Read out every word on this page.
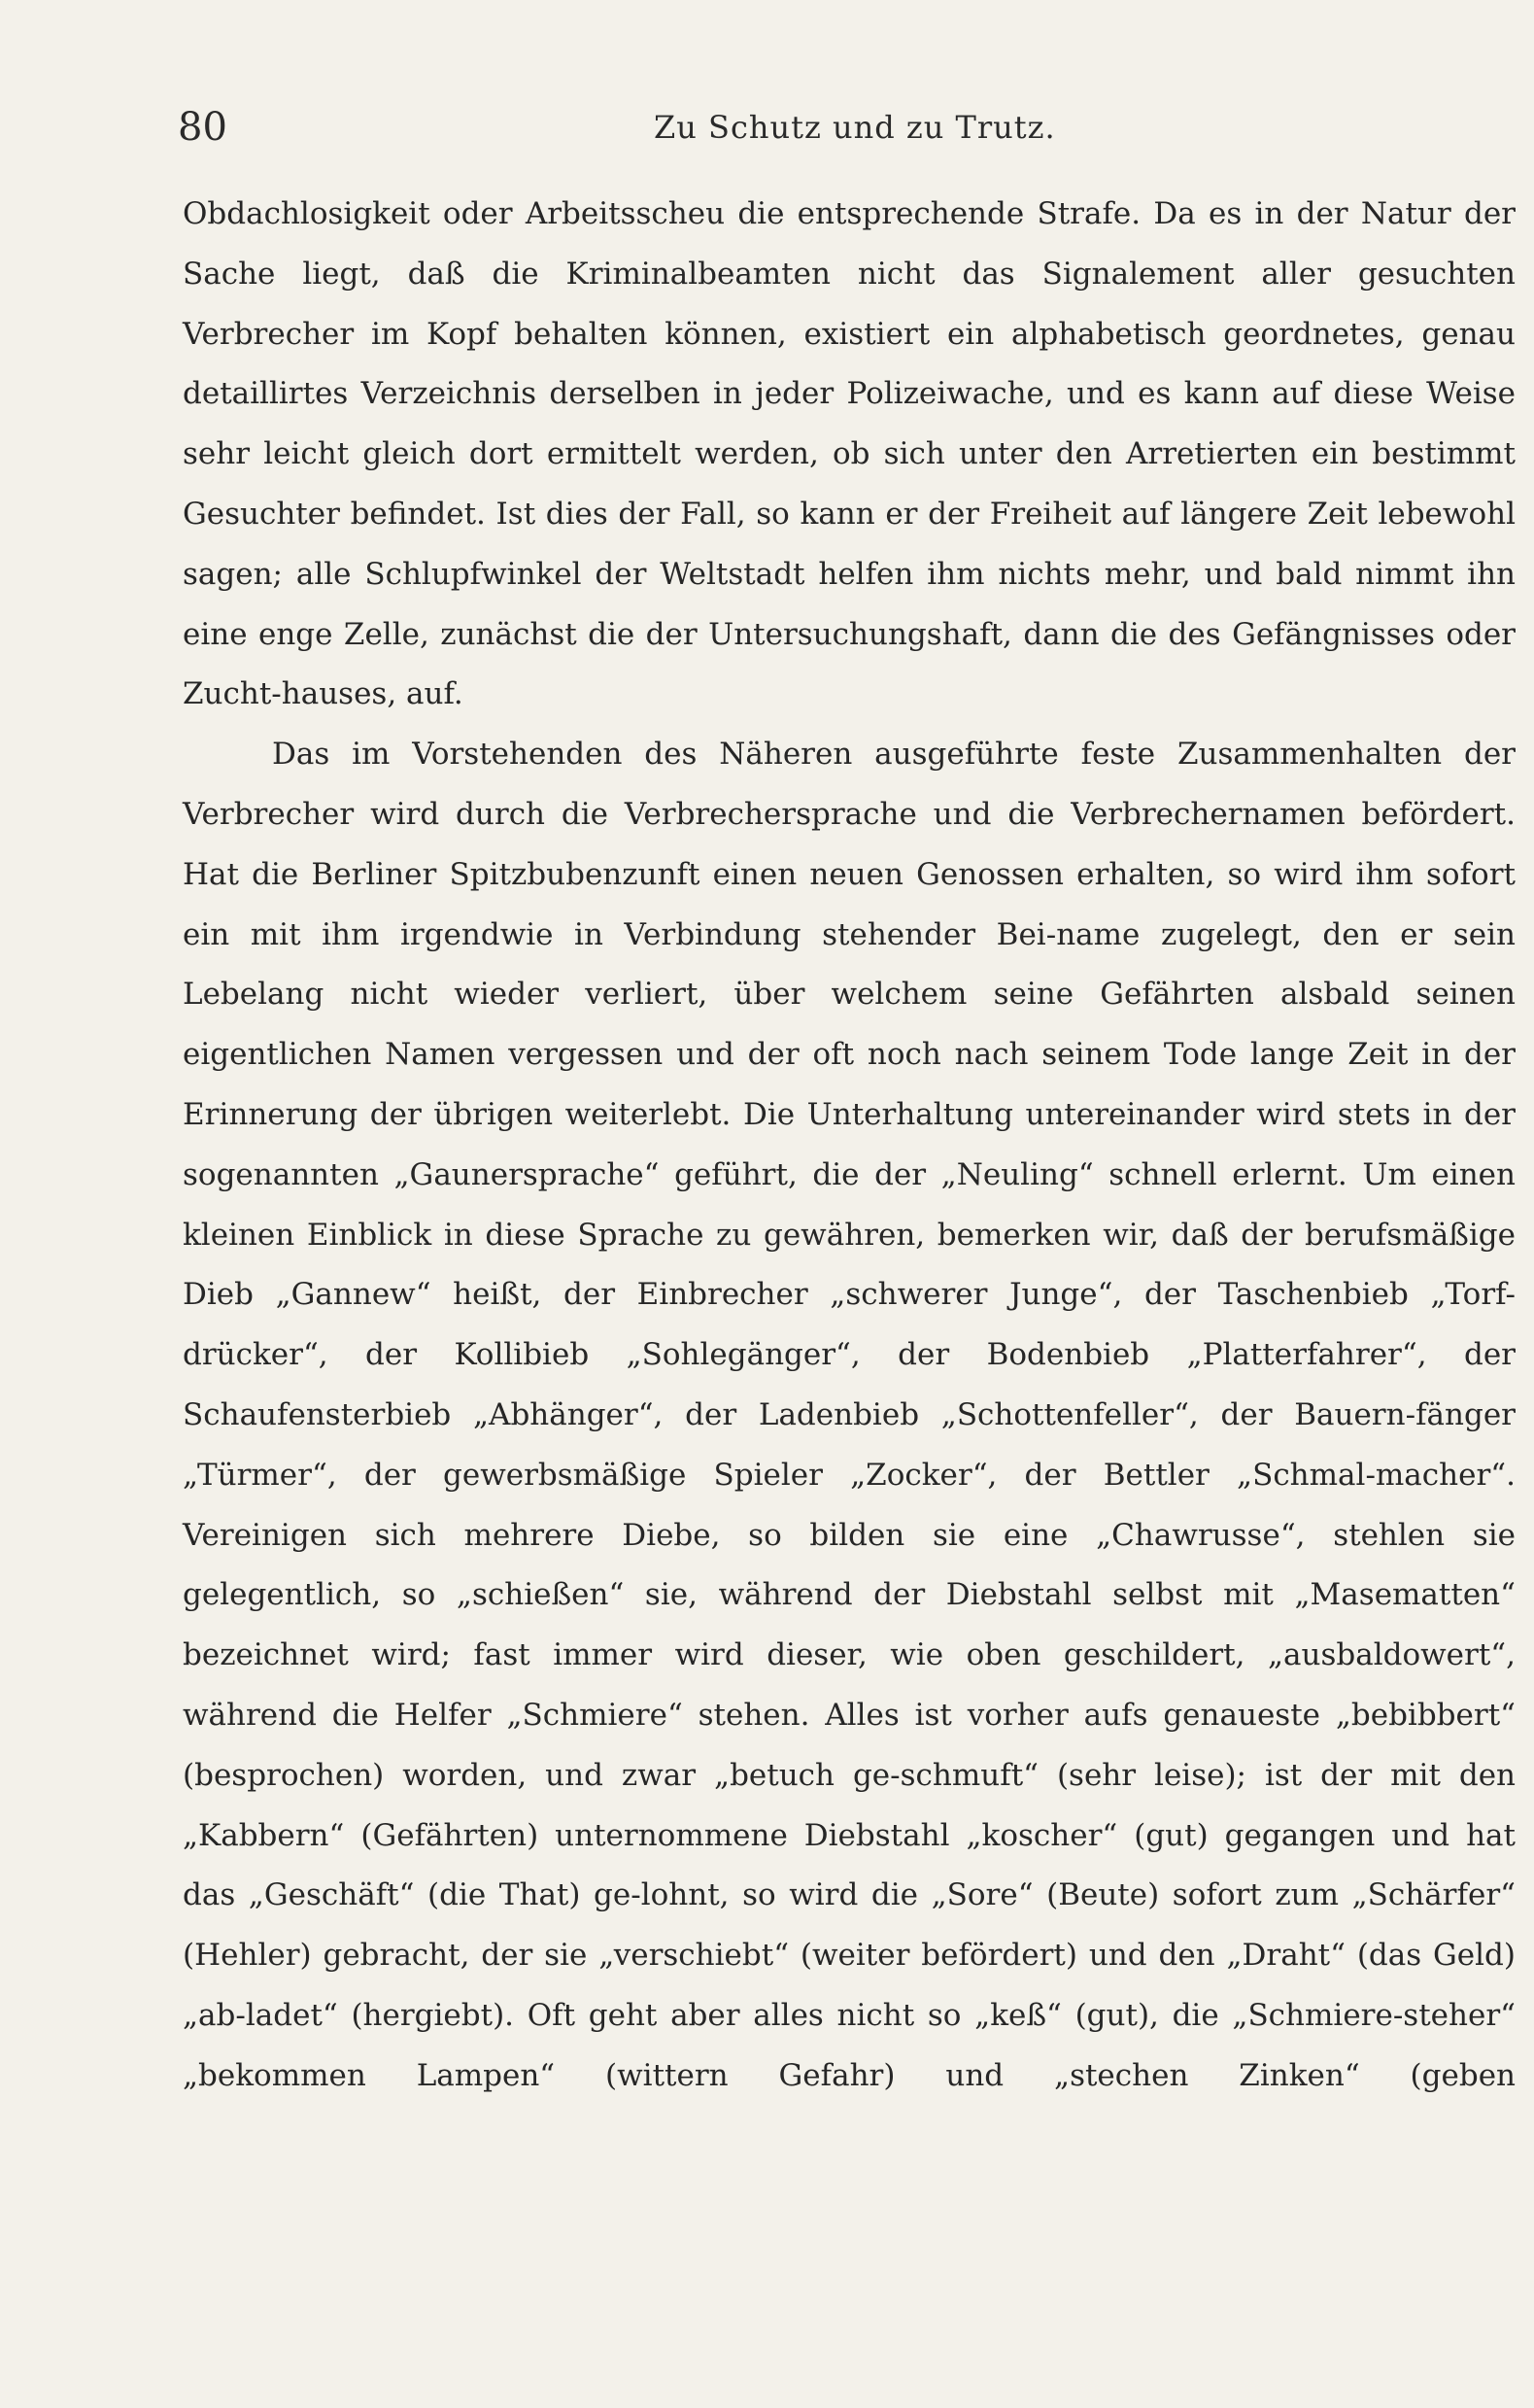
80	Zu Schutz und zu Trutz.

Obdachlosigkeit oder Arbeitsscheu die entsprechende Strafe. Da es in der Natur der Sache liegt, daß die Kriminalbeamten nicht das Signalement aller gesuchten Verbrecher im Kopf behalten können, existiert ein alphabetisch geordnetes, genau detaillirtes Verzeichnis derselben in jeder Polizeiwache, und es kann auf diese Weise sehr leicht gleich dort ermittelt werden, ob sich unter den Arretierten ein bestimmt Gesuchter befindet. Ist dies der Fall, so kann er der Freiheit auf längere Zeit lebewohl sagen; alle Schlupfwinkel der Weltstadt helfen ihm nichts mehr, und bald nimmt ihn eine enge Zelle, zunächst die der Untersuchungshaft, dann die des Gefängnisses oder Zucht-hauses, auf.

Das im Vorstehenden des Näheren ausgeführte feste Zusammenhalten der Verbrecher wird durch die Verbrechersprache und die Verbrechernamen befördert. Hat die Berliner Spitzbubenzunft einen neuen Genossen erhalten, so wird ihm sofort ein mit ihm irgendwie in Verbindung stehender Bei-name zugelegt, den er sein Lebelang nicht wieder verliert, über welchem seine Gefährten alsbald seinen eigentlichen Namen vergessen und der oft noch nach seinem Tode lange Zeit in der Erinnerung der übrigen weiterlebt. Die Unterhaltung untereinander wird stets in der sogenannten „Gaunersprache“ geführt, die der „Neuling“ schnell erlernt. Um einen kleinen Einblick in diese Sprache zu gewähren, bemerken wir, daß der berufsmäßige Dieb „Gannew“ heißt, der Einbrecher „schwerer Junge“, der Taschenbieb „Torf-drücker“, der Kollibieb „Sohlegänger“, der Bodenbieb „Platterfahrer“, der Schaufensterbieb „Abhänger“, der Ladenbieb „Schottenfeller“, der Bauern-fänger „Türmer“, der gewerbsmäßige Spieler „Zocker“, der Bettler „Schmal-macher“. Vereinigen sich mehrere Diebe, so bilden sie eine „Chawrusse“, stehlen sie gelegentlich, so „schießen“ sie, während der Diebstahl selbst mit „Masematten“ bezeichnet wird; fast immer wird dieser, wie oben geschildert, „ausbaldowert“, während die Helfer „Schmiere“ stehen. Alles ist vorher aufs genaueste „bebibbert“ (besprochen) worden, und zwar „betuch ge-schmuft“ (sehr leise); ist der mit den „Kabbern“ (Gefährten) unternommene Diebstahl „koscher“ (gut) gegangen und hat das „Geschäft“ (die That) ge-lohnt, so wird die „Sore“ (Beute) sofort zum „Schärfer“ (Hehler) gebracht, der sie „verschiebt“ (weiter befördert) und den „Draht“ (das Geld) „ab-ladet“ (hergiebt). Oft geht aber alles nicht so „keß“ (gut), die „Schmiere-steher“ „bekommen Lampen“ (wittern Gefahr) und „stechen Zinken“ (geben
